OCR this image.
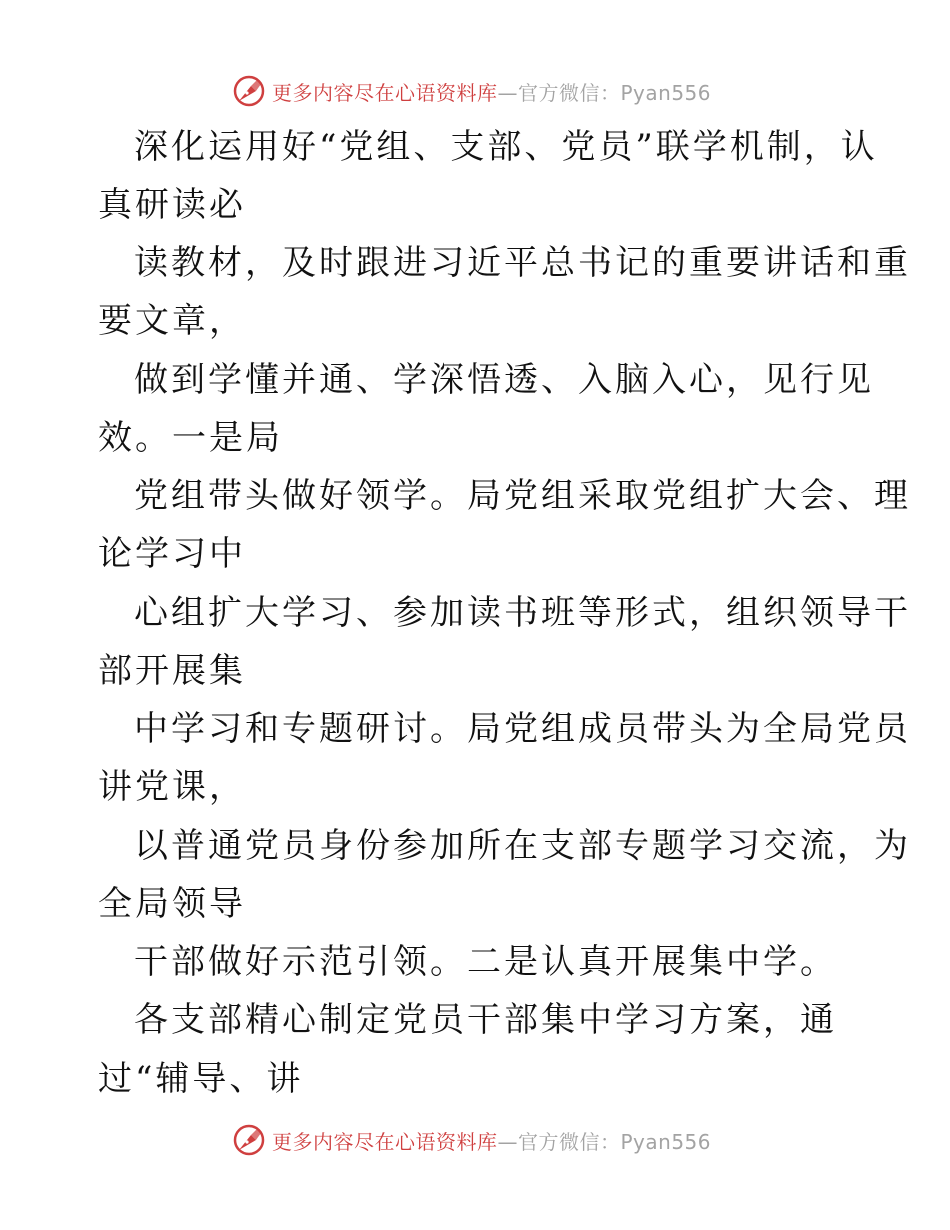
更多内容尽在心语资料库—官方微信：Pyan556
深化运用好“党组、支部、党员”联学机制，认
真研读必
读教材，及时跟进习近平总书记的重要讲话和重
要文章，
做到学懂并通、学深悟透、入脑入心，见行见
效。一是局
党组带头做好领学。局党组采取党组扩大会、理
论学习中
心组扩大学习、参加读书班等形式，组织领导干
部开展集
中学习和专题研讨。局党组成员带头为全局党员
讲党课，
以普通党员身份参加所在支部专题学习交流，为
全局领导
干部做好示范引领。二是认真开展集中学。
各支部精心制定党员干部集中学习方案，通
过“辅导、讲
更多内容尽在心语资料库—官方微信：Pyan556
